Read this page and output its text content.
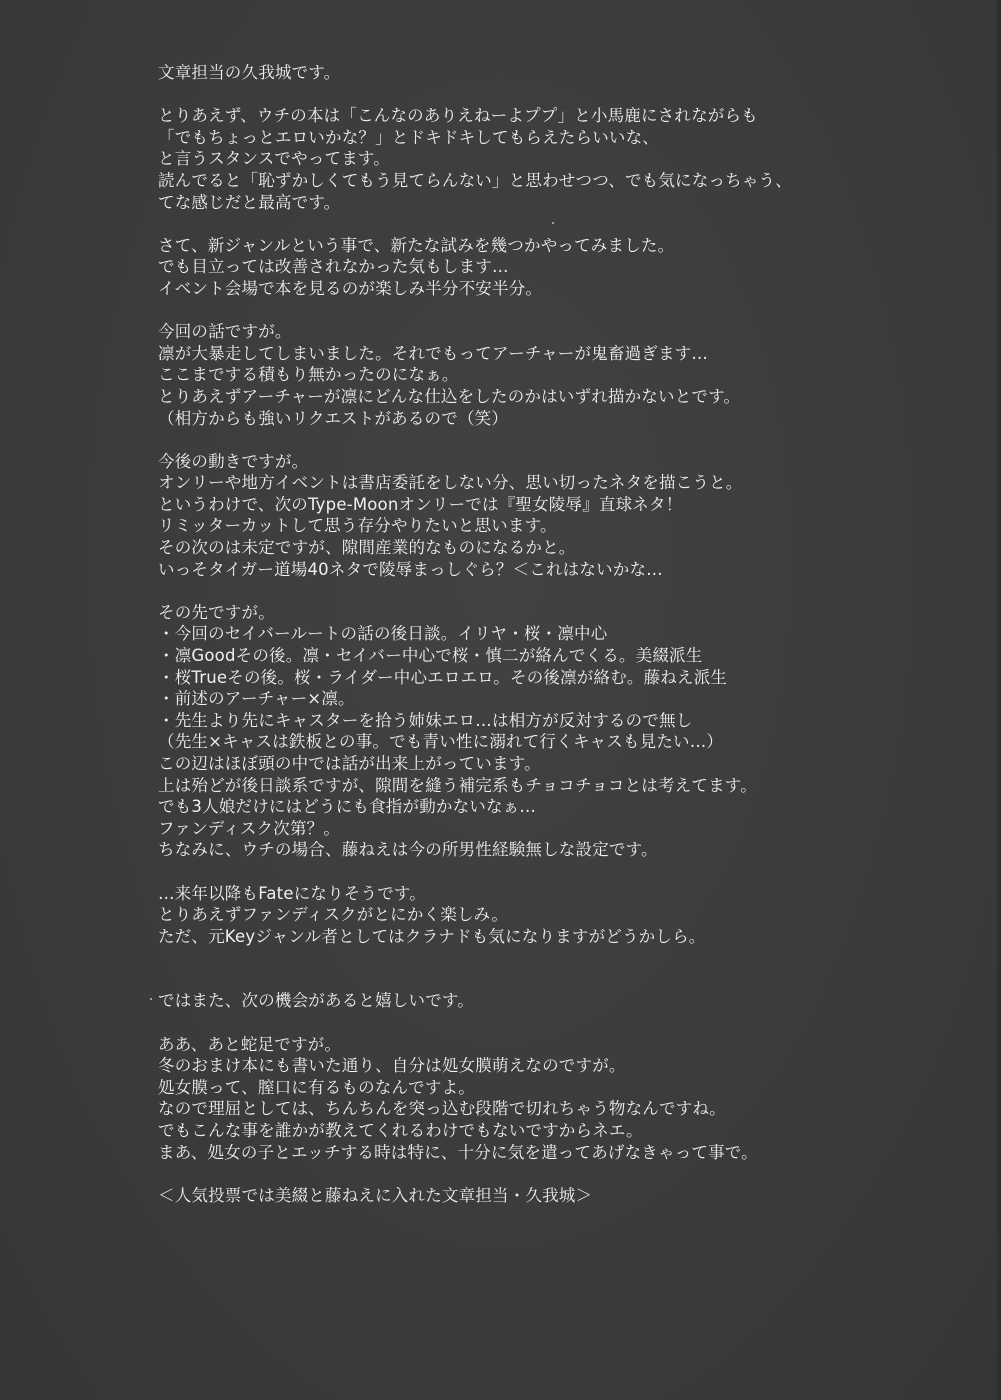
文章担当の久我城です。
とりあえず、ウチの本は「こんなのありえねーよププ」と小馬鹿にされながらも
「でもちょっとエロいかな？」とドキドキしてもらえたらいいな、
と言うスタンスでやってます。
読んでると「恥ずかしくてもう見てらんない」と思わせつつ、でも気になっちゃう、
てな感じだと最高です。
さて、新ジャンルという事で、新たな試みを幾つかやってみました。
でも目立っては改善されなかった気もします…
イベント会場で本を見るのが楽しみ半分不安半分。
今回の話ですが。
凛が大暴走してしまいました。それでもってアーチャーが鬼畜過ぎます…
ここまでする積もり無かったのになぁ。
とりあえずアーチャーが凛にどんな仕込をしたのかはいずれ描かないとです。
（相方からも強いリクエストがあるので（笑）
今後の動きですが。
オンリーや地方イベントは書店委託をしない分、思い切ったネタを描こうと。
というわけで、次のType-Moonオンリーでは『聖女陵辱』直球ネタ！
リミッターカットして思う存分やりたいと思います。
その次のは未定ですが、隙間産業的なものになるかと。
いっそタイガー道場40ネタで陵辱まっしぐら？＜これはないかな…
その先ですが。
・今回のセイバールートの話の後日談。イリヤ・桜・凛中心
・凛Goodその後。凛・セイバー中心で桜・慎二が絡んでくる。美綴派生
・桜Trueその後。桜・ライダー中心エロエロ。その後凛が絡む。藤ねえ派生
・前述のアーチャー×凛。
・先生より先にキャスターを拾う姉妹エロ…は相方が反対するので無し
（先生×キャスは鉄板との事。でも青い性に溺れて行くキャスも見たい…）
この辺はほぼ頭の中では話が出来上がっています。
上は殆どが後日談系ですが、隙間を縫う補完系もチョコチョコとは考えてます。
でも3人娘だけにはどうにも食指が動かないなぁ…
ファンディスク次第？。
ちなみに、ウチの場合、藤ねえは今の所男性経験無しな設定です。
…来年以降もFateになりそうです。
とりあえずファンディスクがとにかく楽しみ。
ただ、元Keyジャンル者としてはクラナドも気になりますがどうかしら。
ではまた、次の機会があると嬉しいです。
ああ、あと蛇足ですが。
冬のおまけ本にも書いた通り、自分は処女膜萌えなのですが。
処女膜って、膣口に有るものなんですよ。
なので理屈としては、ちんちんを突っ込む段階で切れちゃう物なんですね。
でもこんな事を誰かが教えてくれるわけでもないですからネエ。
まあ、処女の子とエッチする時は特に、十分に気を遣ってあげなきゃって事で。
＜人気投票では美綴と藤ねえに入れた文章担当・久我城＞
